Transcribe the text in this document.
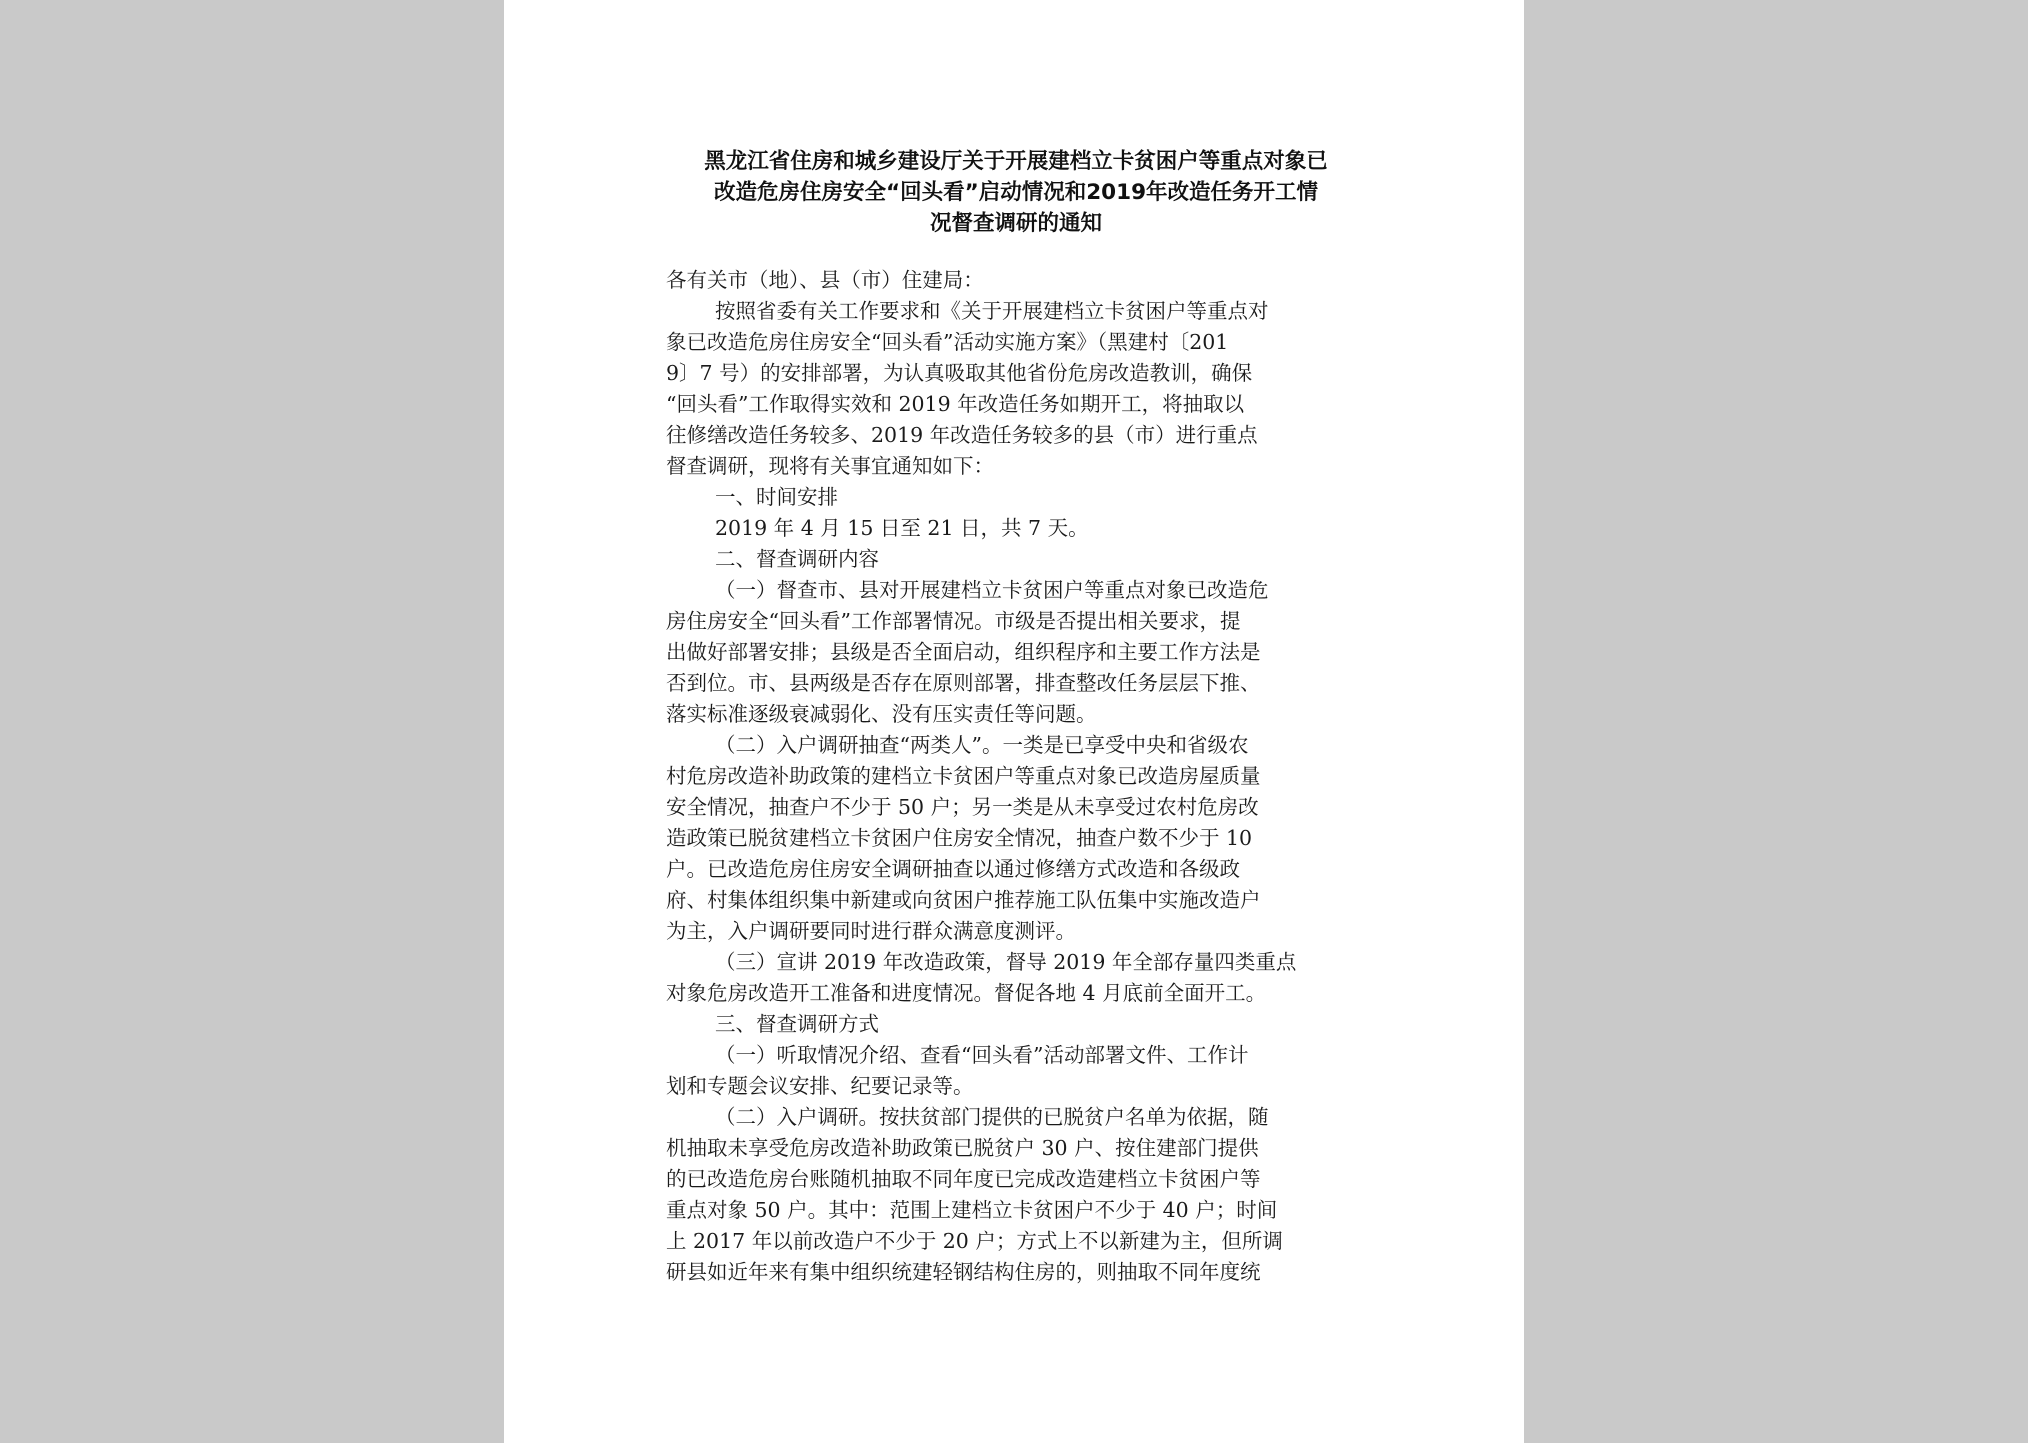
黑龙江省住房和城乡建设厅关于开展建档立卡贫困户等重点对象已
改造危房住房安全“回头看”启动情况和2019年改造任务开工情
况督查调研的通知
各有关市（地）、县（市）住建局：
按照省委有关工作要求和《关于开展建档立卡贫困户等重点对
象已改造危房住房安全“回头看”活动实施方案》（黑建村〔201
9〕7 号）的安排部署，为认真吸取其他省份危房改造教训，确保
“回头看”工作取得实效和 2019 年改造任务如期开工，将抽取以
往修缮改造任务较多、2019 年改造任务较多的县（市）进行重点
督查调研，现将有关事宜通知如下：
一、时间安排
2019 年 4 月 15 日至 21 日，共 7 天。
二、督查调研内容
（一）督查市、县对开展建档立卡贫困户等重点对象已改造危
房住房安全“回头看”工作部署情况。市级是否提出相关要求，提
出做好部署安排；县级是否全面启动，组织程序和主要工作方法是
否到位。市、县两级是否存在原则部署，排查整改任务层层下推、
落实标准逐级衰减弱化、没有压实责任等问题。
（二）入户调研抽查“两类人”。一类是已享受中央和省级农
村危房改造补助政策的建档立卡贫困户等重点对象已改造房屋质量
安全情况，抽查户不少于 50 户；另一类是从未享受过农村危房改
造政策已脱贫建档立卡贫困户住房安全情况，抽查户数不少于 10
户。已改造危房住房安全调研抽查以通过修缮方式改造和各级政
府、村集体组织集中新建或向贫困户推荐施工队伍集中实施改造户
为主，入户调研要同时进行群众满意度测评。
（三）宣讲 2019 年改造政策，督导 2019 年全部存量四类重点
对象危房改造开工准备和进度情况。督促各地 4 月底前全面开工。
三、督查调研方式
（一）听取情况介绍、查看“回头看”活动部署文件、工作计
划和专题会议安排、纪要记录等。
（二）入户调研。按扶贫部门提供的已脱贫户名单为依据，随
机抽取未享受危房改造补助政策已脱贫户 30 户、按住建部门提供
的已改造危房台账随机抽取不同年度已完成改造建档立卡贫困户等
重点对象 50 户。其中：范围上建档立卡贫困户不少于 40 户；时间
上 2017 年以前改造户不少于 20 户；方式上不以新建为主，但所调
研县如近年来有集中组织统建轻钢结构住房的，则抽取不同年度统
